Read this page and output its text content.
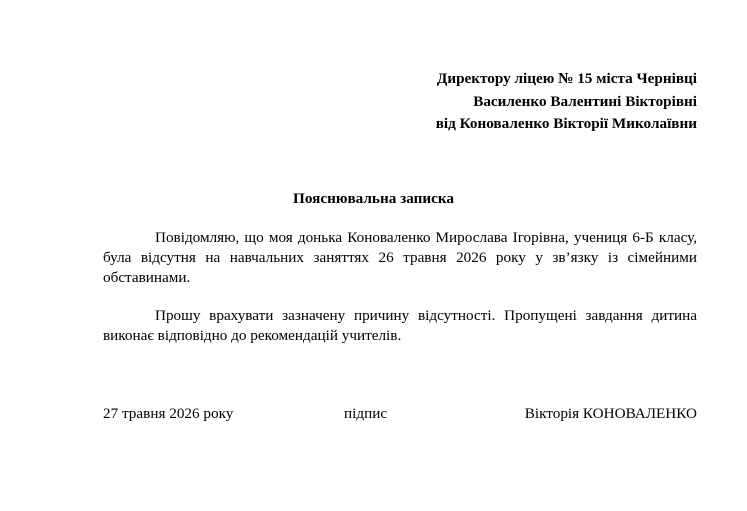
Директору ліцею № 15 міста Чернівці
Василенко Валентині Вікторівні
від Коноваленко Вікторії Миколаївни
Пояснювальна записка
Повідомляю, що моя донька Коноваленко Мирослава Ігорівна, учениця 6-Б класу, була відсутня на навчальних заняттях 26 травня 2026 року у зв’язку із сімейними обставинами.
Прошу врахувати зазначену причину відсутності. Пропущені завдання дитина виконає відповідно до рекомендацій учителів.
27 травня 2026 року	підпис	Вікторія КОНОВАЛЕНКО
